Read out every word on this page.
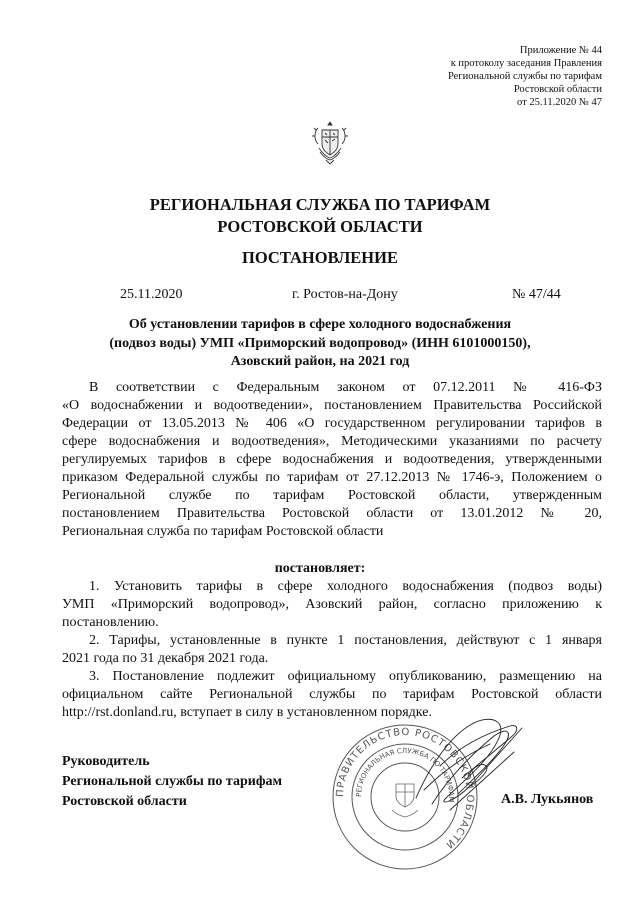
Приложение № 44
к протоколу заседания Правления
Региональной службы по тарифам
Ростовской области
от 25.11.2020 № 47
РЕГИОНАЛЬНАЯ СЛУЖБА ПО ТАРИФАМ
РОСТОВСКОЙ ОБЛАСТИ
ПОСТАНОВЛЕНИЕ
25.11.2020	г. Ростов-на-Дону	№ 47/44
Об установлении тарифов в сфере холодного водоснабжения
(подвоз воды) УМП «Приморский водопровод» (ИНН 6101000150),
Азовский район, на 2021 год
В соответствии с Федеральным законом от 07.12.2011 № 416-ФЗ
«О водоснабжении и водоотведении», постановлением Правительства Российской
Федерации от 13.05.2013 № 406 «О государственном регулировании тарифов в
сфере водоснабжения и водоотведения», Методическими указаниями по расчету
регулируемых тарифов в сфере водоснабжения и водоотведения, утвержденными
приказом Федеральной службы по тарифам от 27.12.2013 № 1746-э, Положением о
Региональной службе по тарифам Ростовской области, утвержденным
постановлением Правительства Ростовской области от 13.01.2012 № 20,
Региональная служба по тарифам Ростовской области
постановляет:
1. Установить тарифы в сфере холодного водоснабжения (подвоз воды)
УМП «Приморский водопровод», Азовский район, согласно приложению к
постановлению.
2. Тарифы, установленные в пункте 1 постановления, действуют с 1 января
2021 года по 31 декабря 2021 года.
3. Постановление подлежит официальному опубликованию, размещению на
официальном сайте Региональной службы по тарифам Ростовской области
http://rst.donland.ru, вступает в силу в установленном порядке.
ПРАВИТЕЛЬСТВО РОСТОВСКОЙ ОБЛАСТИ
РЕГИОНАЛЬНАЯ СЛУЖБА ПО ТАРИФАМ
Руководитель
Региональной службы по тарифам
Ростовской области	А.В. Лукьянов
